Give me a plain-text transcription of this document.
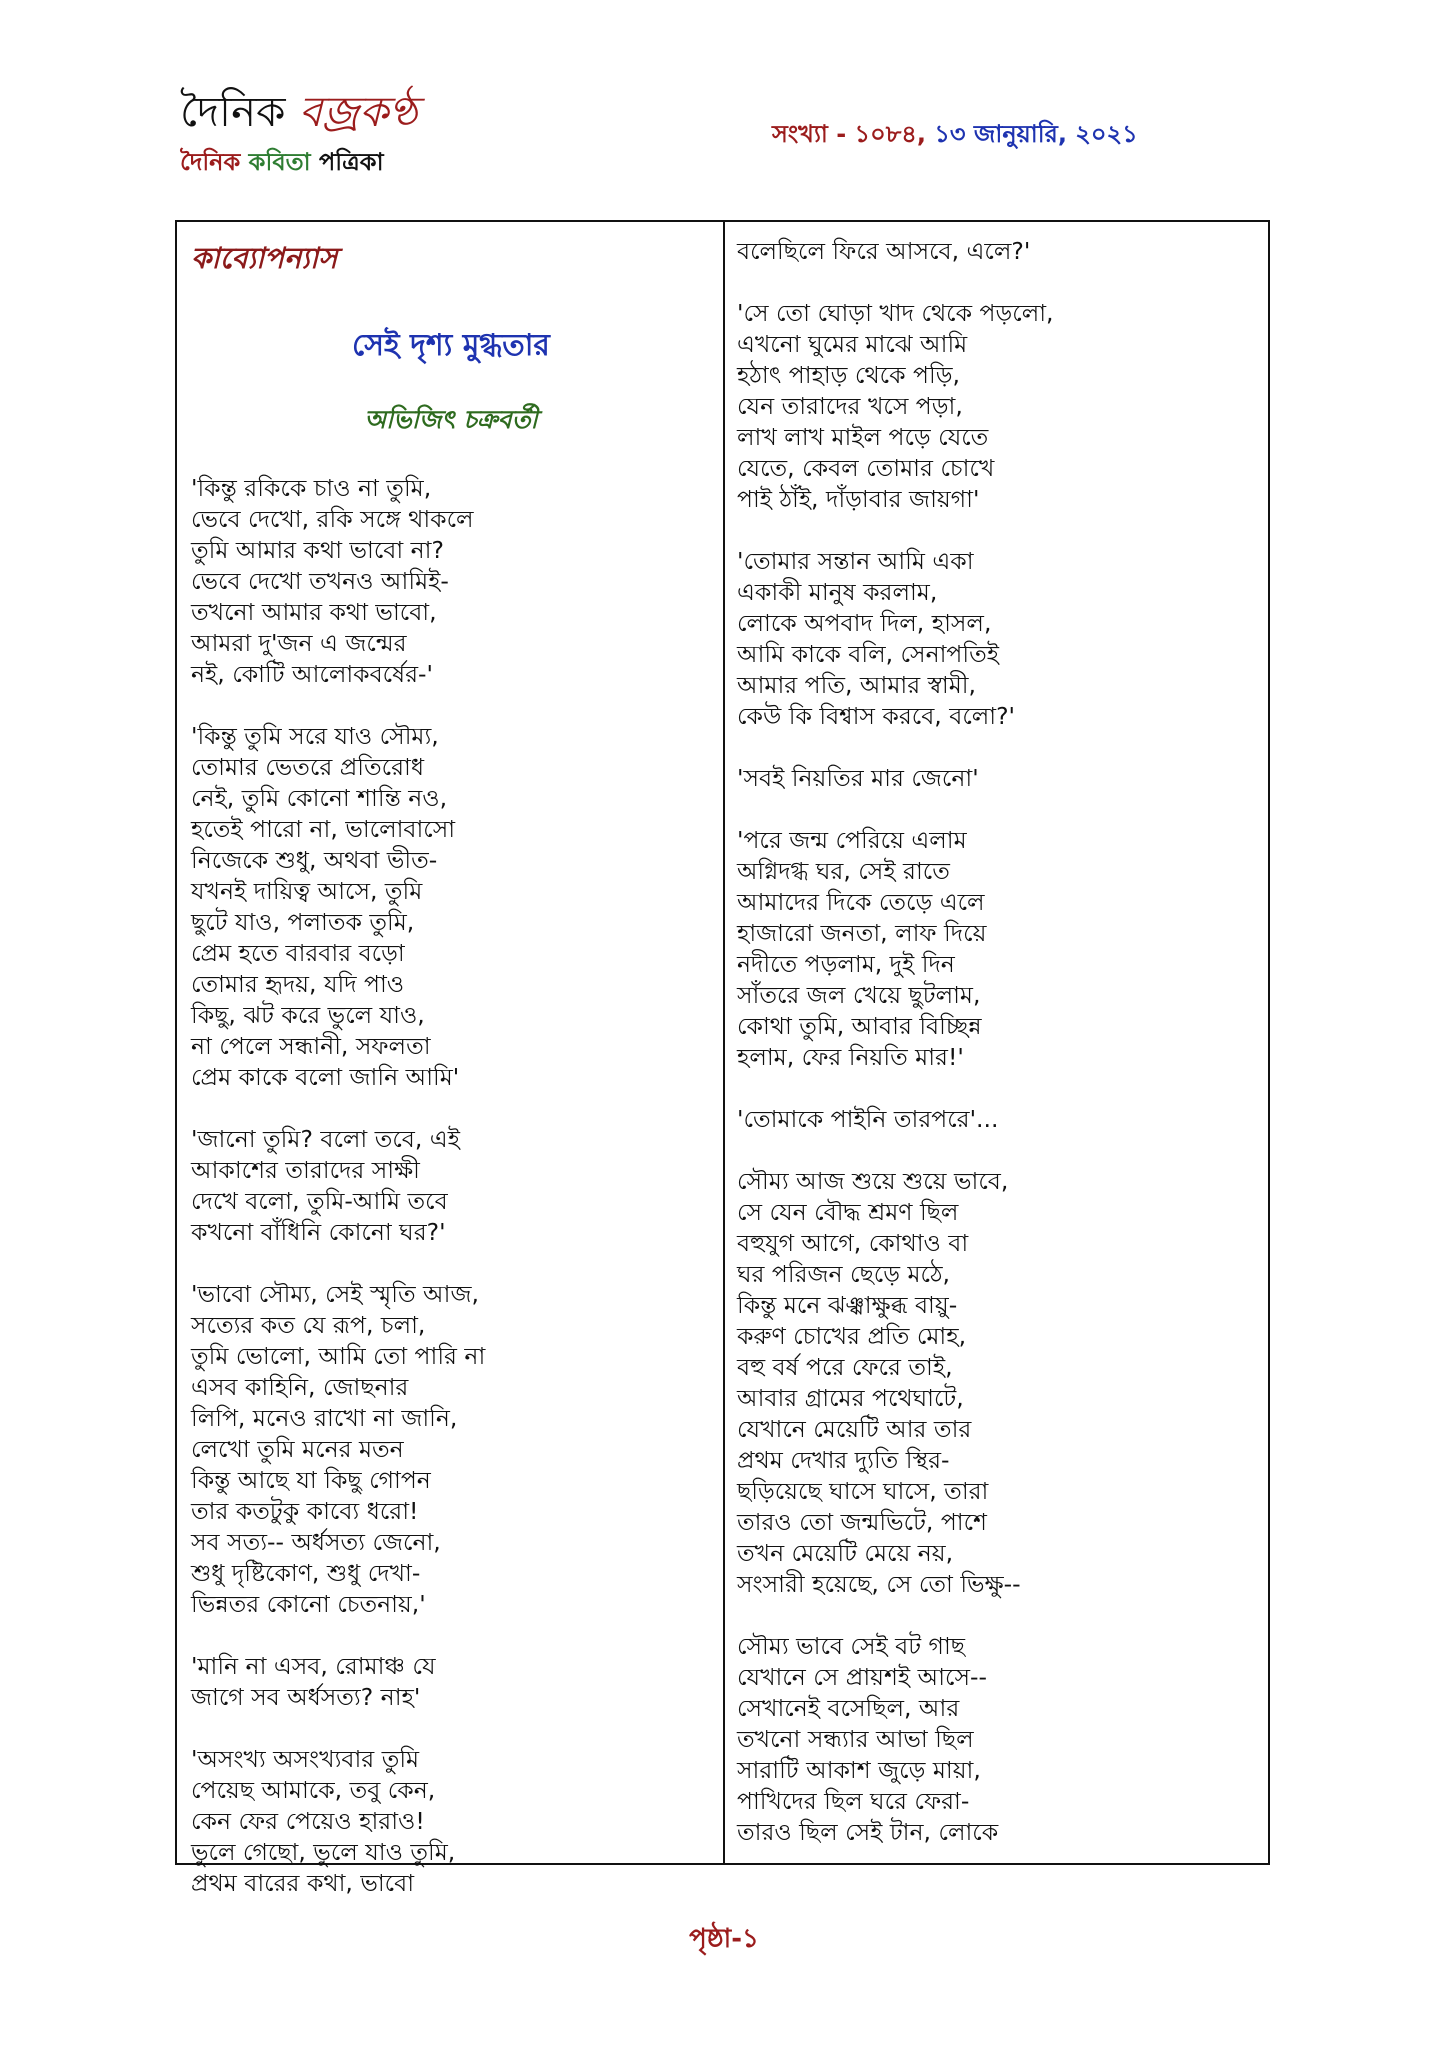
দৈনিক বজ্রকণ্ঠ
দৈনিক কবিতা পত্রিকা
সংখ্যা - ১০৮৪, ১৩ জানুয়ারি, ২০২১
কাব্যোপন্যাস
সেই দৃশ্য মুগ্ধতার
অভিজিৎ চক্রবর্তী
'কিন্তু রকিকে চাও না তুমি,
ভেবে দেখো, রকি সঙ্গে থাকলে
তুমি আমার কথা ভাবো না?
ভেবে দেখো তখনও আমিই-
তখনো আমার কথা ভাবো,
আমরা দু'জন এ জন্মের
নই, কোটি আলোকবর্ষের-'
'কিন্তু তুমি সরে যাও সৌম্য,
তোমার ভেতরে প্রতিরোধ
নেই, তুমি কোনো শান্তি নও,
হতেই পারো না, ভালোবাসো
নিজেকে শুধু, অথবা ভীত-
যখনই দায়িত্ব আসে, তুমি
ছুটে যাও, পলাতক তুমি,
প্রেম হতে বারবার বড়ো
তোমার হৃদয়, যদি পাও
কিছু, ঝট করে ভুলে যাও,
না পেলে সন্ধানী, সফলতা
প্রেম কাকে বলো জানি আমি'
'জানো তুমি? বলো তবে, এই
আকাশের তারাদের সাক্ষী
দেখে বলো, তুমি-আমি তবে
কখনো বাঁধিনি কোনো ঘর?'
'ভাবো সৌম্য, সেই স্মৃতি আজ,
সত্যের কত যে রূপ, চলা,
তুমি ভোলো, আমি তো পারি না
এসব কাহিনি, জোছনার
লিপি, মনেও রাখো না জানি,
লেখো তুমি মনের মতন
কিন্তু আছে যা কিছু গোপন
তার কতটুকু কাব্যে ধরো!
সব সত্য-- অর্ধসত্য জেনো,
শুধু দৃষ্টিকোণ, শুধু দেখা-
ভিন্নতর কোনো চেতনায়,'
'মানি না এসব, রোমাঞ্চ যে
জাগে সব অর্ধসত্য? নাহ'
'অসংখ্য অসংখ্যবার তুমি
পেয়েছ আমাকে, তবু কেন,
কেন ফের পেয়েও হারাও!
ভুলে গেছো, ভুলে যাও তুমি,
প্রথম বারের কথা, ভাবো
বলেছিলে ফিরে আসবে, এলে?'
'সে তো ঘোড়া খাদ থেকে পড়লো,
এখনো ঘুমের মাঝে আমি
হঠাৎ পাহাড় থেকে পড়ি,
যেন তারাদের খসে পড়া,
লাখ লাখ মাইল পড়ে যেতে
যেতে, কেবল তোমার চোখে
পাই ঠাঁই, দাঁড়াবার জায়গা'
'তোমার সন্তান আমি একা
একাকী মানুষ করলাম,
লোকে অপবাদ দিল, হাসল,
আমি কাকে বলি, সেনাপতিই
আমার পতি, আমার স্বামী,
কেউ কি বিশ্বাস করবে, বলো?'
'সবই নিয়তির মার জেনো'
'পরে জন্ম পেরিয়ে এলাম
অগ্নিদগ্ধ ঘর, সেই রাতে
আমাদের দিকে তেড়ে এলে
হাজারো জনতা, লাফ দিয়ে
নদীতে পড়লাম, দুই দিন
সাঁতরে জল খেয়ে ছুটলাম,
কোথা তুমি, আবার বিচ্ছিন্ন
হলাম, ফের নিয়তি মার!'
'তোমাকে পাইনি তারপরে'...
সৌম্য আজ শুয়ে শুয়ে ভাবে,
সে যেন বৌদ্ধ শ্রমণ ছিল
বহুযুগ আগে, কোথাও বা
ঘর পরিজন ছেড়ে মঠে,
কিন্তু মনে ঝঞ্ঝাক্ষুব্ধ বায়ু-
করুণ চোখের প্রতি মোহ,
বহু বর্ষ পরে ফেরে তাই,
আবার গ্রামের পথেঘাটে,
যেখানে মেয়েটি আর তার
প্রথম দেখার দ্যুতি স্থির-
ছড়িয়েছে ঘাসে ঘাসে, তারা
তারও তো জন্মভিটে, পাশে
তখন মেয়েটি মেয়ে নয়,
সংসারী হয়েছে, সে তো ভিক্ষু--
সৌম্য ভাবে সেই বট গাছ
যেখানে সে প্রায়শই আসে--
সেখানেই বসেছিল, আর
তখনো সন্ধ্যার আভা ছিল
সারাটি আকাশ জুড়ে মায়া,
পাখিদের ছিল ঘরে ফেরা-
তারও ছিল সেই টান, লোকে
পৃষ্ঠা-১
